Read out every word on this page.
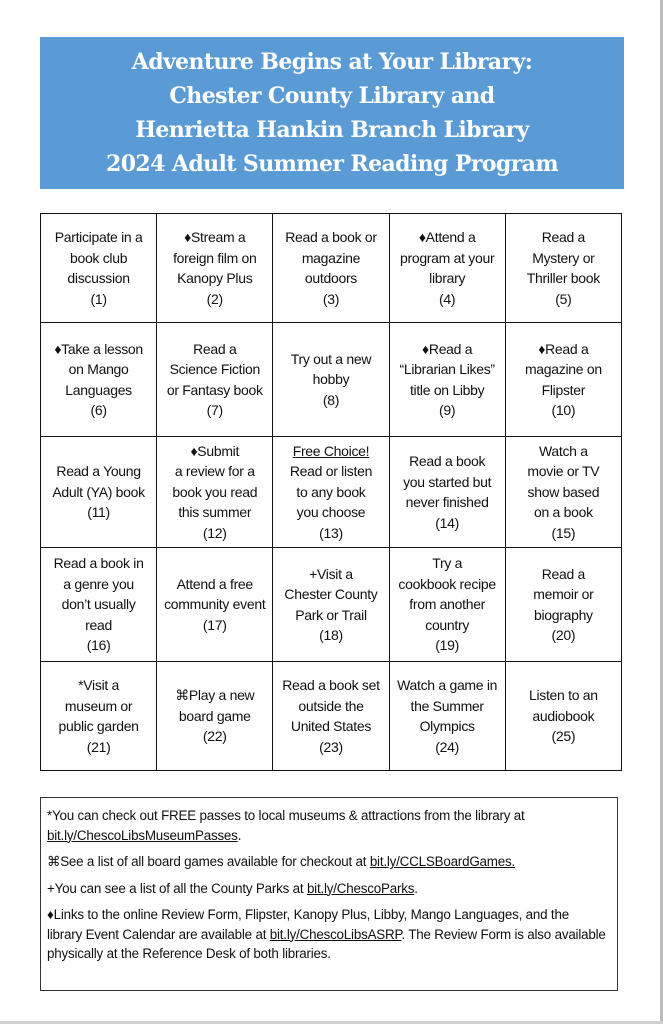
Adventure Begins at Your Library:
Chester County Library and
Henrietta Hankin Branch Library
2024 Adult Summer Reading Program
Participate in a
book club
discussion
(1)	♦Stream a
foreign film on
Kanopy Plus
(2)	Read a book or
magazine
outdoors
(3)	♦Attend a
program at your
library
(4)	Read a
Mystery or
Thriller book
(5)

♦Take a lesson
on Mango
Languages
(6)	Read a
Science Fiction
or Fantasy book
(7)	Try out a new
hobby
(8)	♦Read a
“Librarian Likes”
title on Libby
(9)	♦Read a
magazine on
Flipster
(10)

Read a Young
Adult (YA) book
(11)	♦Submit
a review for a
book you read
this summer
(12)	Free Choice!
Read or listen
to any book
you choose
(13)	Read a book
you started but
never finished
(14)	Watch a
movie or TV
show based
on a book
(15)

Read a book in
a genre you
don’t usually
read
(16)	Attend a free
community event
(17)	+Visit a
Chester County
Park or Trail
(18)	Try a
cookbook recipe
from another
country
(19)	Read a
memoir or
biography
(20)

*Visit a
museum or
public garden
(21)	⌘Play a new
board game
(22)	Read a book set
outside the
United States
(23)	Watch a game in
the Summer
Olympics
(24)	Listen to an
audiobook
(25)

*You can check out FREE passes to local museums & attractions from the library at bit.ly/ChescoLibsMuseumPasses.

⌘See a list of all board games available for checkout at bit.ly/CCLSBoardGames.

+You can see a list of all the County Parks at bit.ly/ChescoParks.

♦Links to the online Review Form, Flipster, Kanopy Plus, Libby, Mango Languages, and the library Event Calendar are available at bit.ly/ChescoLibsASRP. The Review Form is also available physically at the Reference Desk of both libraries.
